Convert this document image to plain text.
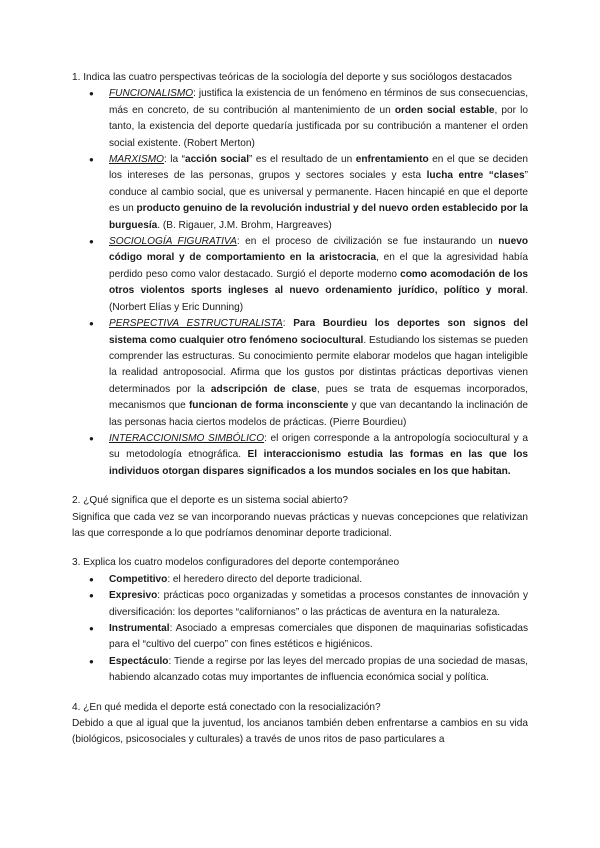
1. Indica las cuatro perspectivas teóricas de la sociología del deporte y sus sociólogos destacados

● FUNCIONALISMO: justifica la existencia de un fenómeno en términos de sus consecuencias, más en concreto, de su contribución al mantenimiento de un orden social estable, por lo tanto, la existencia del deporte quedaría justificada por su contribución a mantener el orden social existente. (Robert Merton)
● MARXISMO: la “acción social” es el resultado de un enfrentamiento en el que se deciden los intereses de las personas, grupos y sectores sociales y esta lucha entre “clases” conduce al cambio social, que es universal y permanente. Hacen hincapié en que el deporte es un producto genuino de la revolución industrial y del nuevo orden establecido por la burguesía. (B. Rigauer, J.M. Brohm, Hargreaves)
● SOCIOLOGÍA FIGURATIVA: en el proceso de civilización se fue instaurando un nuevo código moral y de comportamiento en la aristocracia, en el que la agresividad había perdido peso como valor destacado. Surgió el deporte moderno como acomodación de los otros violentos sports ingleses al nuevo ordenamiento jurídico, político y moral. (Norbert Elías y Eric Dunning)
● PERSPECTIVA ESTRUCTURALISTA: Para Bourdieu los deportes son signos del sistema como cualquier otro fenómeno sociocultural. Estudiando los sistemas se pueden comprender las estructuras. Su conocimiento permite elaborar modelos que hagan inteligible la realidad antroposocial. Afirma que los gustos por distintas prácticas deportivas vienen determinados por la adscripción de clase, pues se trata de esquemas incorporados, mecanismos que funcionan de forma inconsciente y que van decantando la inclinación de las personas hacia ciertos modelos de prácticas. (Pierre Bourdieu)
● INTERACCIONISMO SIMBÓLICO: el origen corresponde a la antropología sociocultural y a su metodología etnográfica. El interaccionismo estudia las formas en las que los individuos otorgan dispares significados a los mundos sociales en los que habitan.

2. ¿Qué significa que el deporte es un sistema social abierto?

Significa que cada vez se van incorporando nuevas prácticas y nuevas concepciones que relativizan las que corresponde a lo que podríamos denominar deporte tradicional.

3. Explica los cuatro modelos configuradores del deporte contemporáneo

● Competitivo: el heredero directo del deporte tradicional.
● Expresivo: prácticas poco organizadas y sometidas a procesos constantes de innovación y diversificación: los deportes “californianos” o las prácticas de aventura en la naturaleza.
● Instrumental: Asociado a empresas comerciales que disponen de maquinarias sofisticadas para el “cultivo del cuerpo” con fines estéticos e higiénicos.
● Espectáculo: Tiende a regirse por las leyes del mercado propias de una sociedad de masas, habiendo alcanzado cotas muy importantes de influencia económica social y política.

4. ¿En qué medida el deporte está conectado con la resocialización?

Debido a que al igual que la juventud, los ancianos también deben enfrentarse a cambios en su vida (biológicos, psicosociales y culturales) a través de unos ritos de paso particulares a
